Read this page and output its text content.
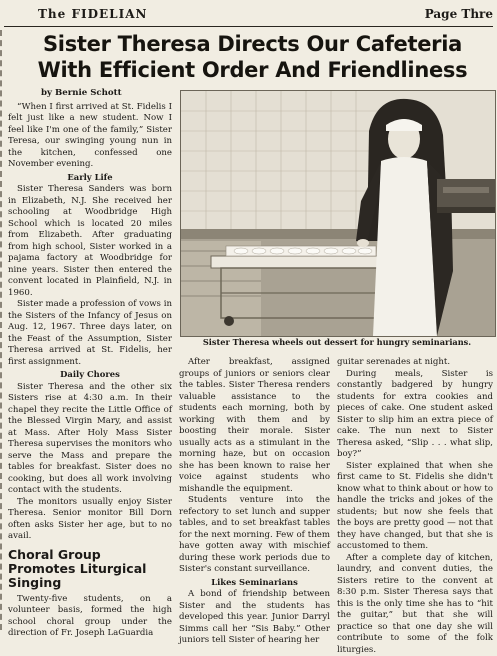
The FIDELIAN	Page Thre
Sister Theresa Directs Our Cafeteria
With Efficient Order And Friendliness
by Bernie Schott

“When I first arrived at St. Fidelis I felt just like a new student. Now I feel like I'm one of the family,” Sister Teresa, our swinging young nun in the kitchen, confessed one November evening.

Early Life

Sister Theresa Sanders was born in Elizabeth, N.J. She received her schooling at Woodbridge High School which is located 20 miles from Elizabeth. After graduating from high school, Sister worked in a pajama factory at Woodbridge for nine years. Sister then entered the convent located in Plainfield, N.J. in 1960.

Sister made a profession of vows in the Sisters of the Infancy of Jesus on Aug. 12, 1967. Three days later, on the Feast of the Assumption, Sister Theresa arrived at St. Fidelis, her first assignment.

Daily Chores

Sister Theresa and the other six Sisters rise at 4:30 a.m. In their chapel they recite the Little Office of the Blessed Virgin Mary, and assist at Mass. After Holy Mass Sister Theresa supervises the monitors who serve the Mass and prepare the tables for breakfast. Sister does no cooking, but does all work involving contact with the students.

The monitors usually enjoy Sister Theresa. Senior monitor Bill Dorn often asks Sister her age, but to no avail.

Choral Group Promotes Liturgical Singing

Twenty-five students, on a volunteer basis, formed the high school choral group under the direction of Fr. Joseph LaGuardia

Sister Theresa wheels out dessert for hungry seminarians.

After breakfast, assigned groups of juniors or seniors clear the tables. Sister Theresa renders valuable assistance to the students each morning, both by working with them and by boosting their morale. Sister usually acts as a stimulant in the morning haze, but on occasion she has been known to raise her voice against students who mishandle the equipment.

Students venture into the refectory to set lunch and supper tables, and to set breakfast tables for the next morning. Few of them have gotten away with mischief during these work periods due to Sister's constant surveillance.

Likes Seminarians

A bond of friendship between Sister and the students has developed this year. Junior Darryl Simms call her “Sis Baby.” Other juniors tell Sister of hearing her

guitar serenades at night.

During meals, Sister is constantly badgered by hungry students for extra cookies and pieces of cake. One student asked Sister to slip him an extra piece of cake. The nun next to Sister Theresa asked, “Slip . . . what slip, boy?”

Sister explained that when she first came to St. Fidelis she didn't know what to think about or how to handle the tricks and jokes of the students; but now she feels that the boys are pretty good — not that they have changed, but that she is accustomed to them.

After a complete day of kitchen, laundry, and convent duties, the Sisters retire to the convent at 8:30 p.m. Sister Theresa says that this is the only time she has to “hit the guitar,” but that she will practice so that one day she will contribute to some of the folk liturgies.
